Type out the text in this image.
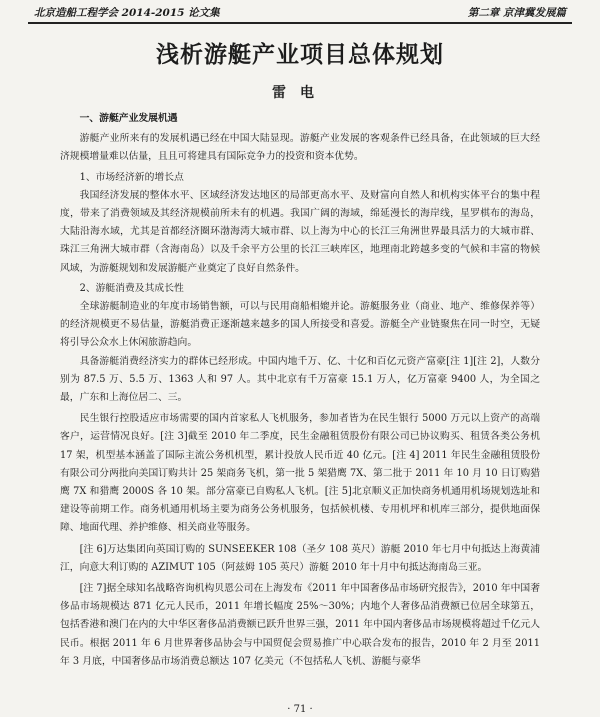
北京造船工程学会 2014-2015 论文集	第二章 京津冀发展篇
浅析游艇产业项目总体规划
雷电
一、游艇产业发展机遇

游艇产业所来有的发展机遇已经在中国大陆显现。游艇产业发展的客观条件已经具备，在此领域的巨大经济规模增量难以估量，且且可将建具有国际竞争力的投资和资本优势。

1、市场经济新的增长点

我国经济发展的整体水平、区域经济发达地区的局部更高水平、及财富向自然人和机构实体平台的集中程度，带来了消费领域及其经济规模前所未有的机遇。我国广阔的海域，绵延漫长的海岸线，星罗棋布的海岛，大陆沿海水域，尤其是首都经济圈环渤海湾大城市群、以上海为中心的长江三角洲世界最具活力的大城市群、珠江三角洲大城市群（含海南岛）以及千余平方公里的长江三峡库区，地理南北跨越多变的气候和丰富的物候风域，为游艇规划和发展游艇产业奠定了良好自然条件。

2、游艇消费及其成长性

全球游艇制造业的年度市场销售额，可以与民用商船相媲并论。游艇服务业（商业、地产、维修保养等）的经济规模更不易估量，游艇消费正逐渐越来越多的国人所接受和喜爱。游艇全产业链聚焦在同一时空，无疑将引导公众水上休闲旅游趋向。

具备游艇消费经济实力的群体已经形成。中国内地千万、亿、十亿和百亿元资产富豪[注 1][注 2]，人数分别为 87.5 万、5.5 万、1363 人和 97 人。其中北京有千万富豪 15.1 万人，亿万富豪 9400 人，为全国之最，广东和上海位居二、三。

民生银行控股适应市场需要的国内首家私人飞机服务，参加者皆为在民生银行 5000 万元以上资产的高端客户，运营情况良好。[注 3]截至 2010 年二季度，民生金融租赁股份有限公司已协议购买、租赁各类公务机 17 架，机型基本涵盖了国际主流公务机机型，累计投放人民币近 40 亿元。[注 4] 2011 年民生金融租赁股份有限公司分两批向美国订购共计 25 架商务飞机，第一批 5 架猎鹰 7X、第二批于 2011 年 10 月 10 日订购猎鹰 7X 和猎鹰 2000S 各 10 架。部分富豪已自购私人飞机。[注 5]北京顺义正加快商务机通用机场规划选址和建设等前期工作。商务机通用机场主要为商务公务机服务，包括候机楼、专用机坪和机库三部分，提供地面保障、地面代理、养护维修、相关商业等服务。

[注 6]万达集团向英国订购的 SUNSEEKER 108（圣夕 108 英尺）游艇 2010 年七月中旬抵达上海黄浦江，向意大利订购的 AZIMUT 105（阿兹姆 105 英尺）游艇 2010 年十月中旬抵达海南岛三亚。

[注 7]据全球知名战略咨询机构贝恩公司在上海发布《2011 年中国奢侈品市场研究报告》，2010 年中国奢侈品市场规模达 871 亿元人民币，2011 年增长幅度 25%～30%；内地个人奢侈品消费额已位居全球第五，包括香港和澳门在内的大中华区奢侈品消费额已跃升世界三强，2011 年中国内奢侈品市场规模将超过千亿元人民币。根据 2011 年 6 月世界奢侈品协会与中国贸促会贸易推广中心联合发布的报告，2010 年 2 月至 2011 年 3 月底，中国奢侈品市场消费总额达 107 亿美元（不包括私人飞机、游艇与豪华

· 71 ·
